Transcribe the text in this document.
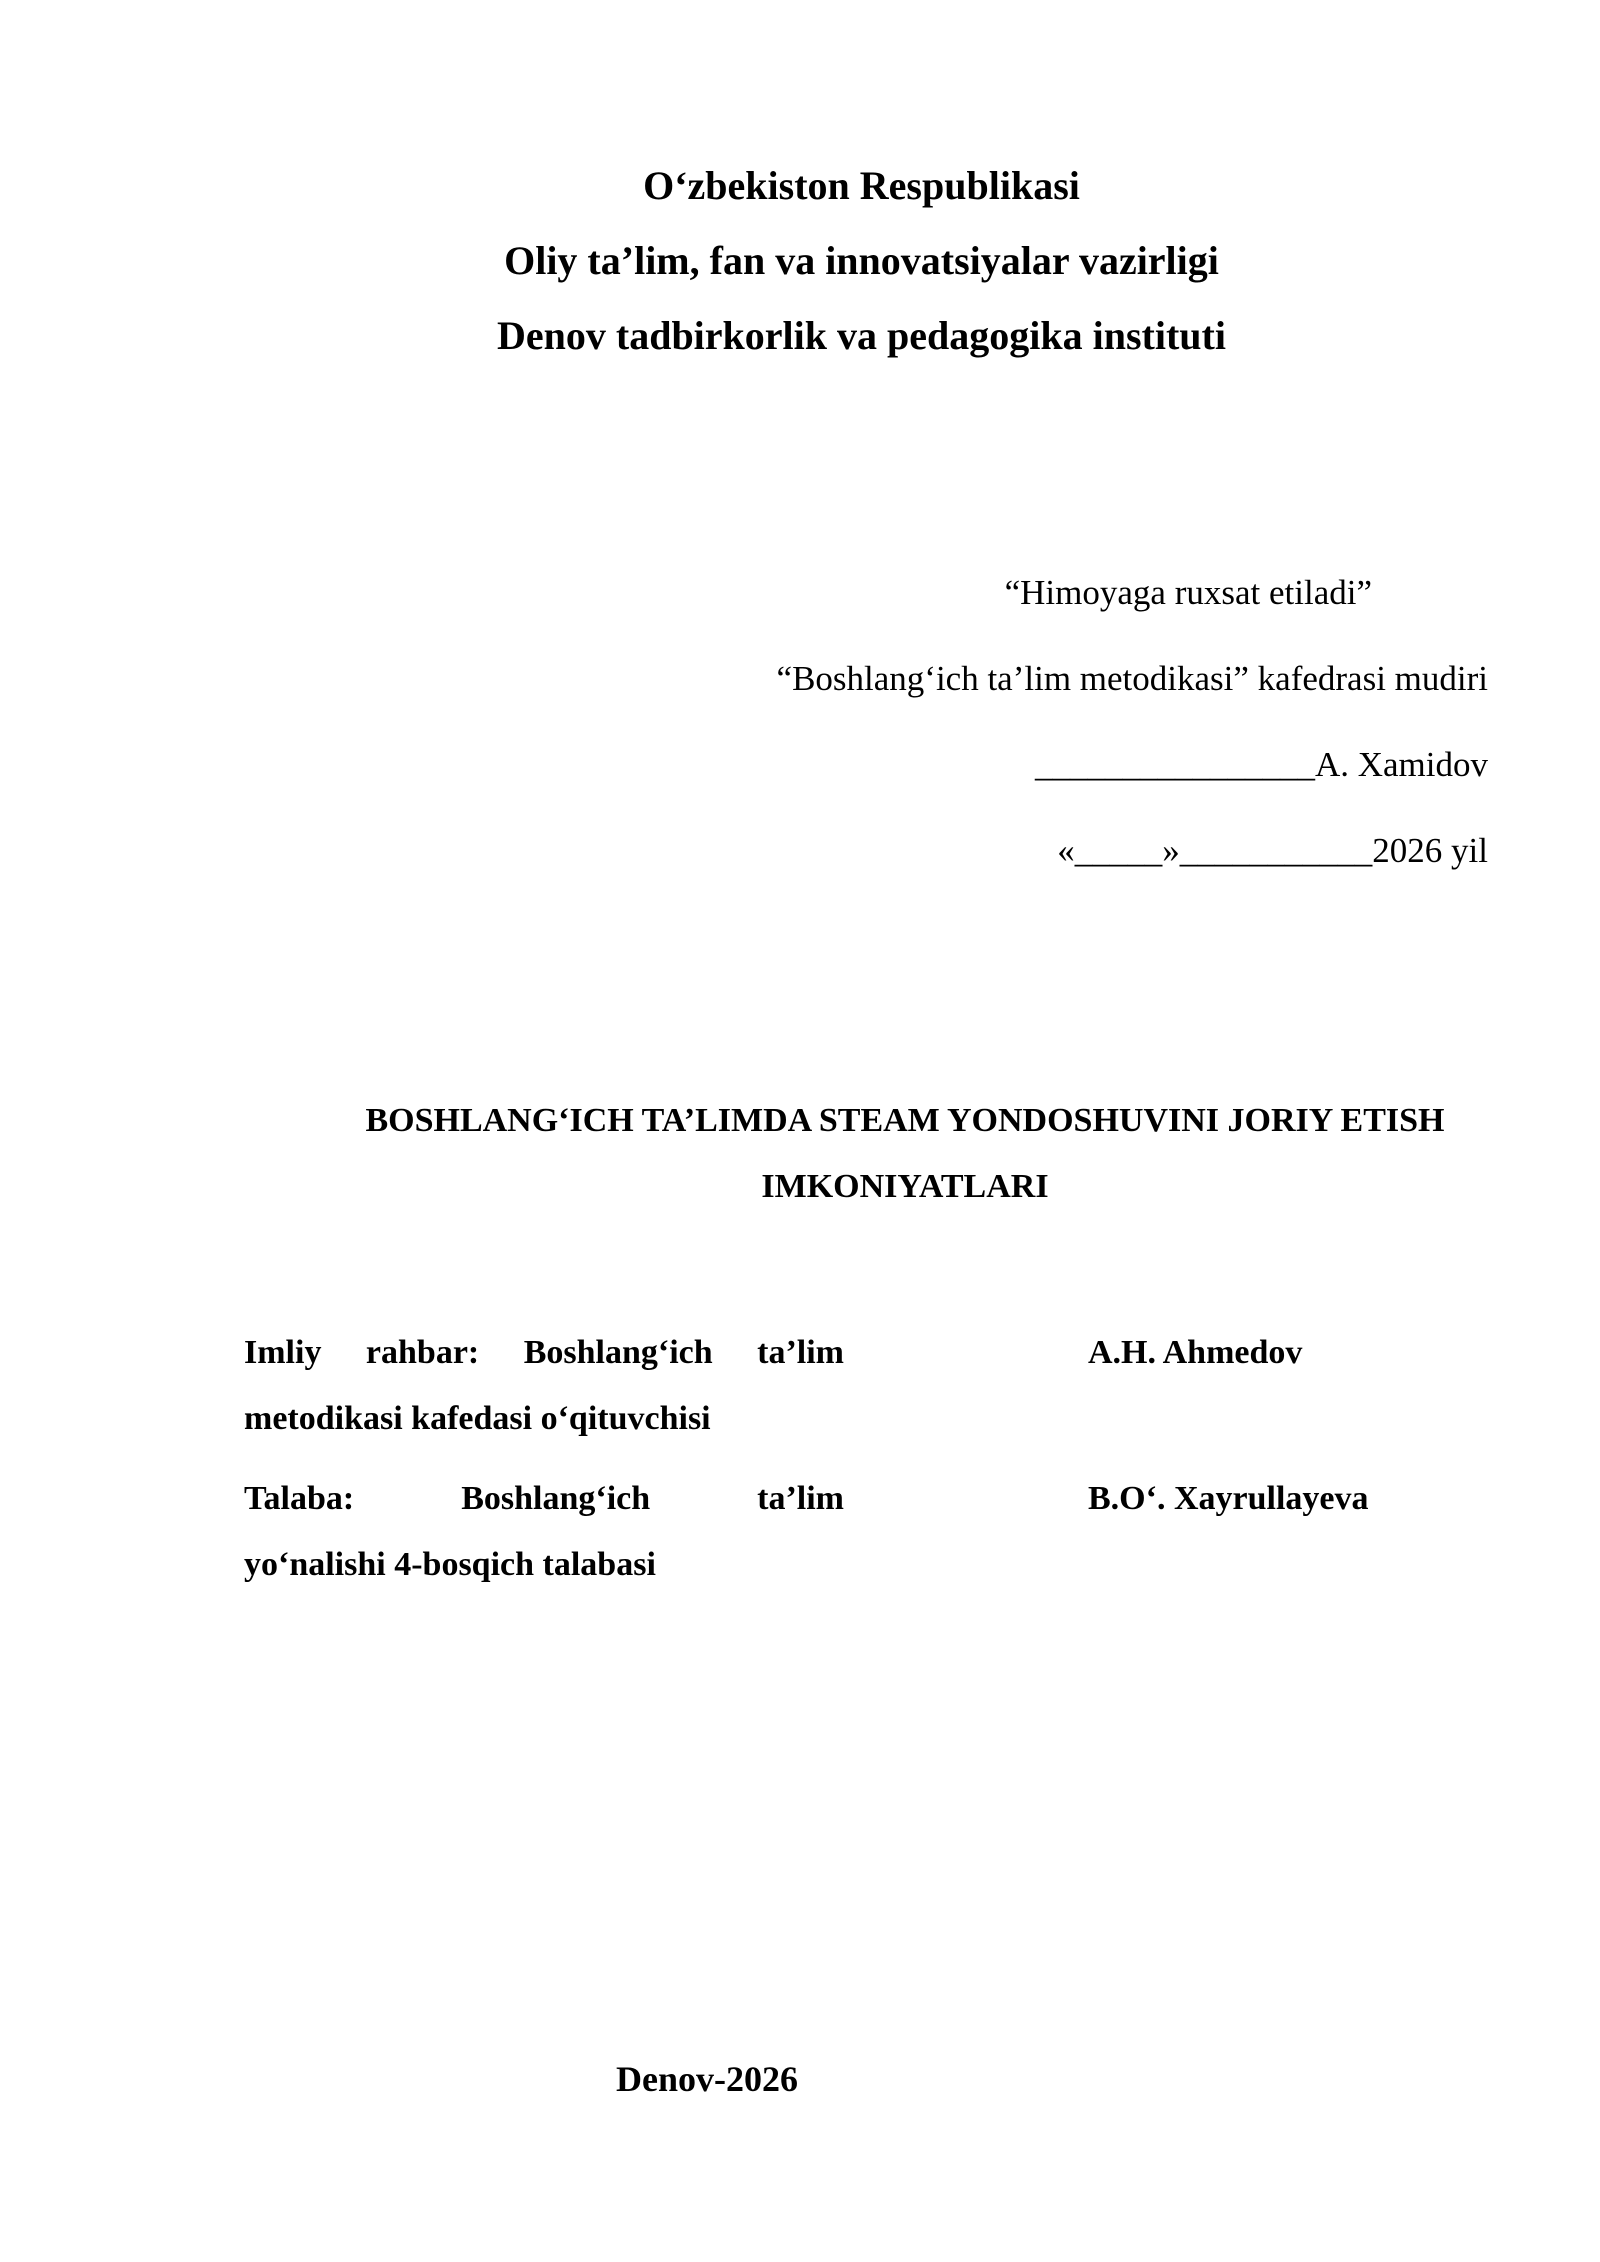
O‘zbekiston Respublikasi
Oliy ta’lim, fan va innovatsiyalar vazirligi
Denov tadbirkorlik va pedagogika instituti
“Himoyaga ruxsat etiladi”
“Boshlang‘ich ta’lim metodikasi” kafedrasi mudiri
________________A. Xamidov
«_____»___________2026 yil
BOSHLANG‘ICH TA’LIMDA STEAM YONDOSHUVINI JORIY ETISH
IMKONIYATLARI
Imliy rahbar: Boshlang‘ich ta’lim
metodikasi kafedasi o‘qituvchisi
A.H. Ahmedov
Talaba: Boshlang‘ich ta’lim
yo‘nalishi 4-bosqich talabasi
B.O‘. Xayrullayeva
Denov-2026
